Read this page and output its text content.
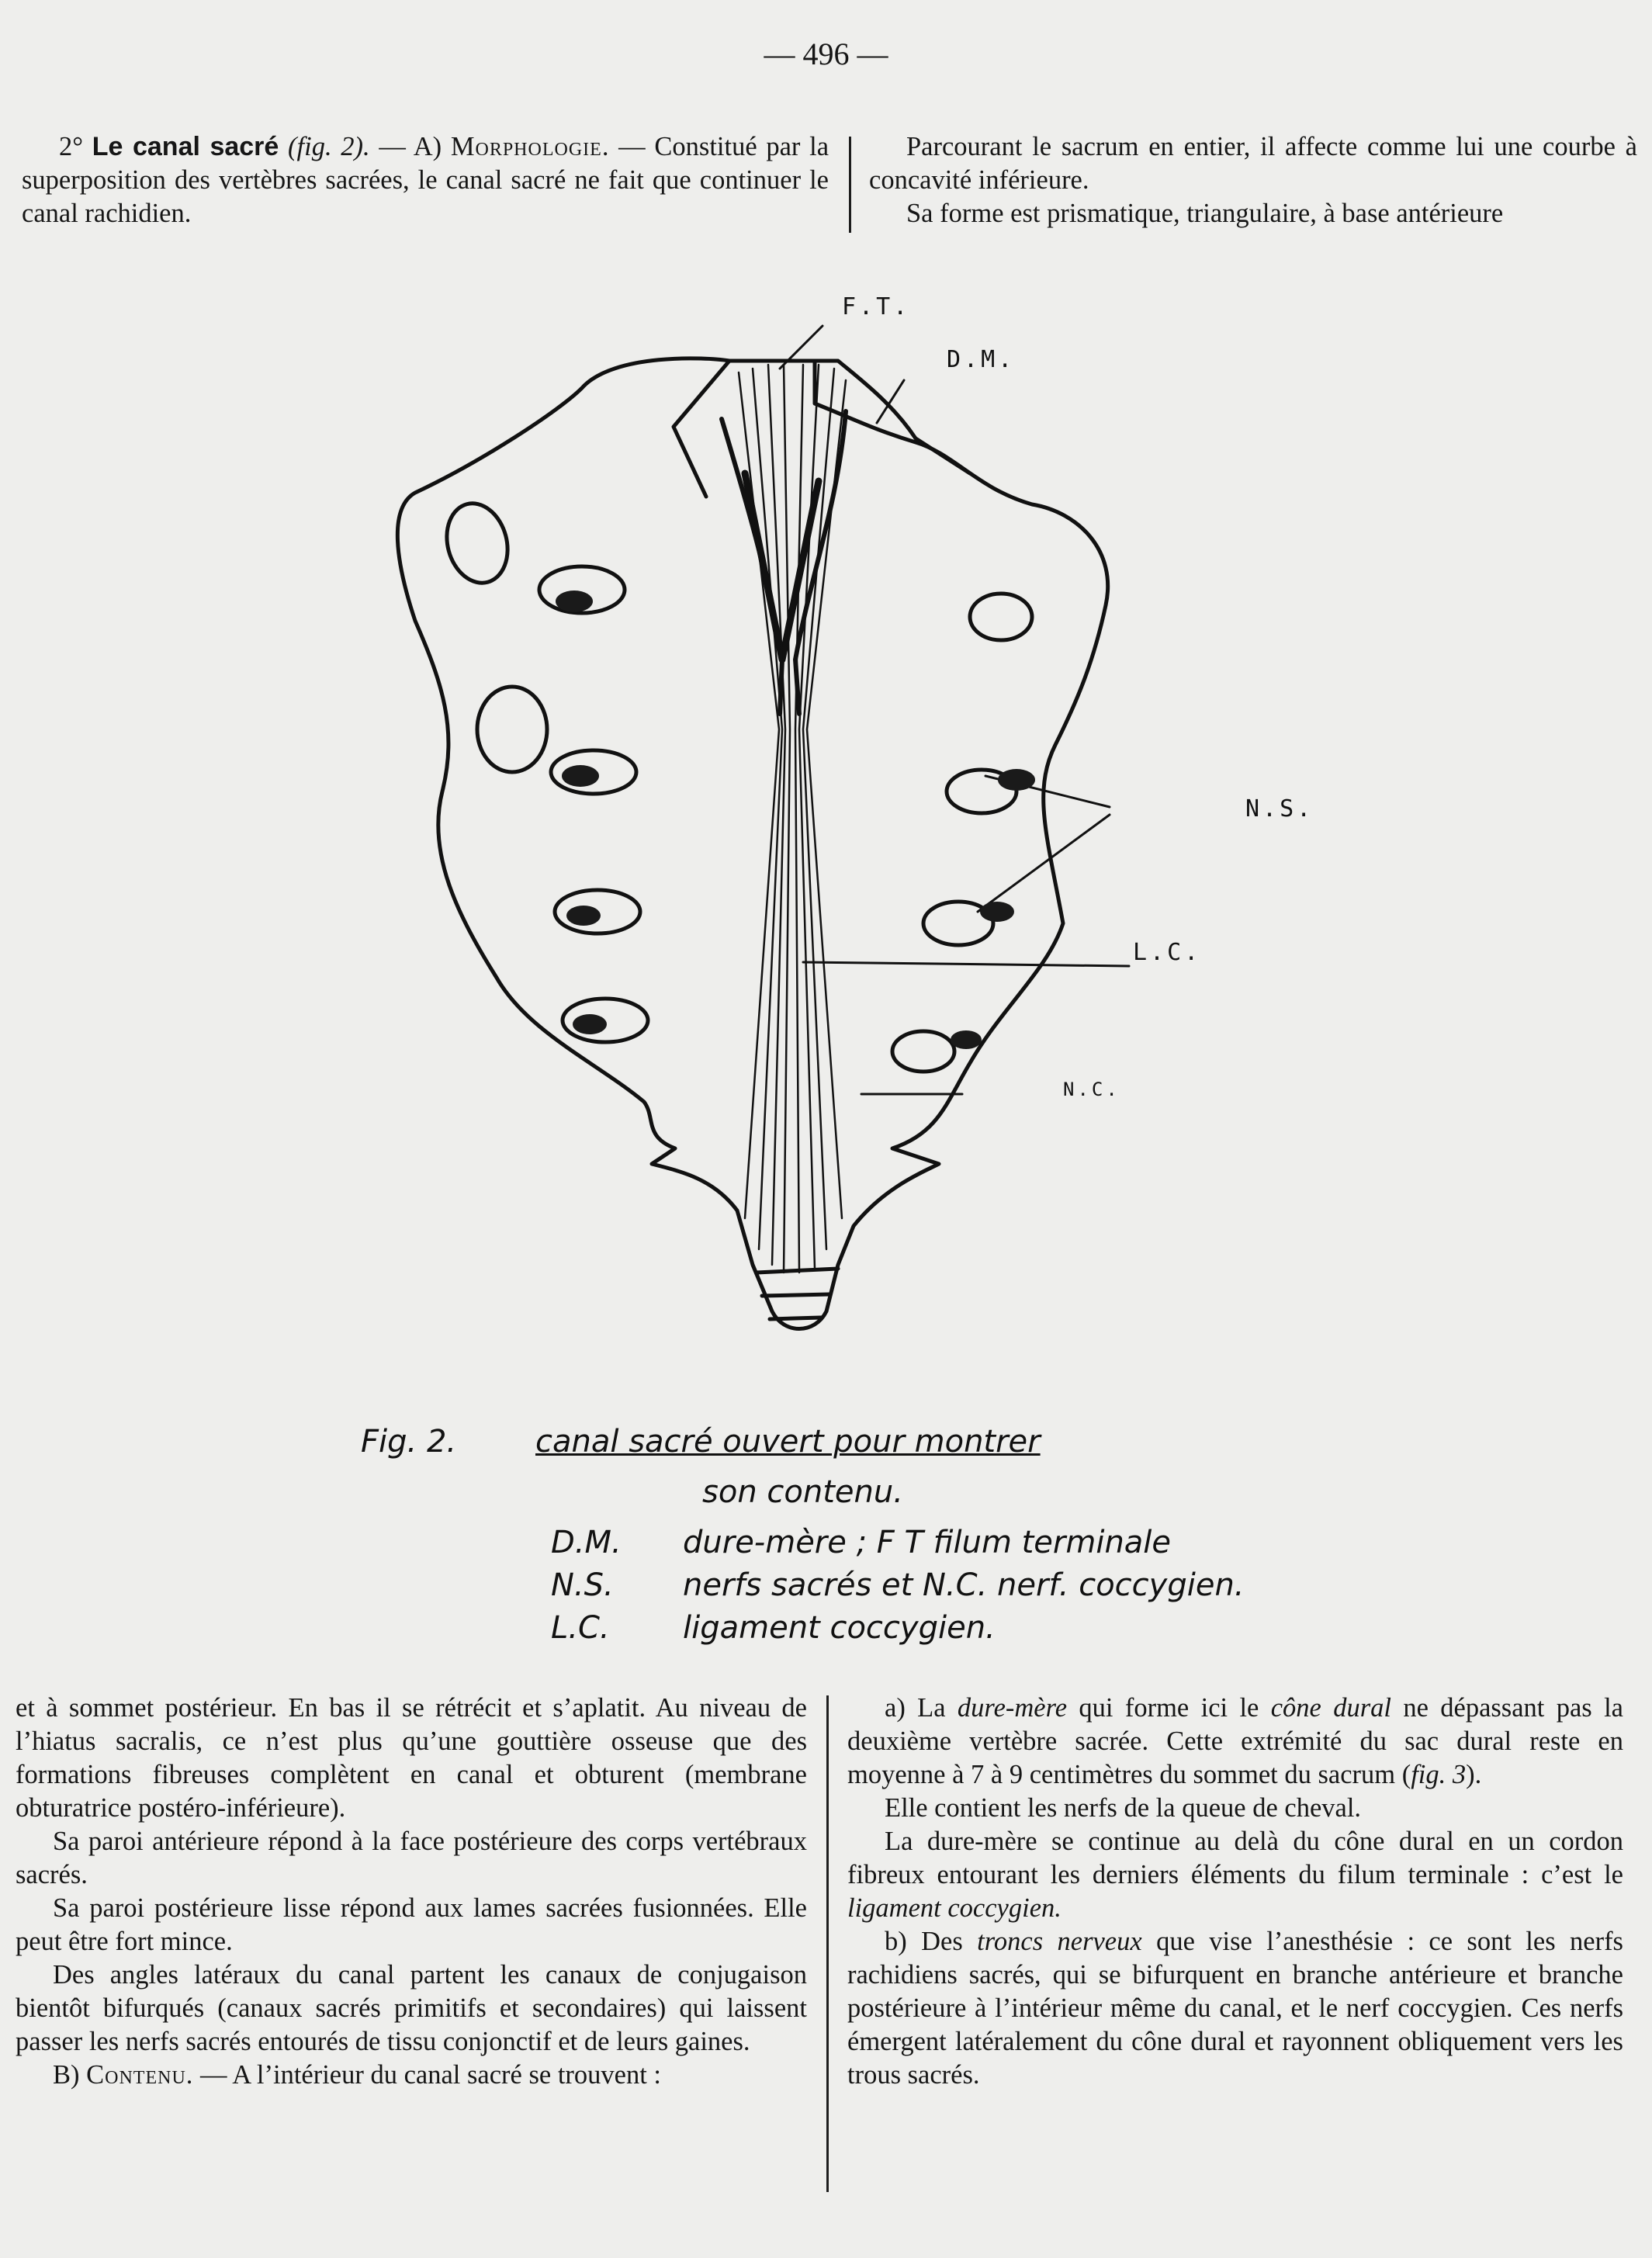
— 496 —

2° Le canal sacré (fig. 2). — A) Morphologie. — Constitué par la superposition des vertèbres sacrées, le canal sacré ne fait que continuer le canal rachidien.

Parcourant le sacrum en entier, il affecte comme lui une courbe à concavité inférieure.

Sa forme est prismatique, triangulaire, à base antérieure

F.T.
D.M.
N.S.
L.C.
N.C.
Fig. 2.	canal sacré ouvert pour montrer
son contenu.
D.M. dure-mère ; F T filum terminale
N.S. nerfs sacrés et N.C. nerf. coccygien.
L.C. ligament coccygien.

et à sommet postérieur. En bas il se rétrécit et s’aplatit. Au niveau de l’hiatus sacralis, ce n’est plus qu’une gouttière osseuse que des formations fibreuses complètent en canal et obturent (membrane obturatrice postéro-inférieure).

Sa paroi antérieure répond à la face postérieure des corps vertébraux sacrés.

Sa paroi postérieure lisse répond aux lames sacrées fusionnées. Elle peut être fort mince.

Des angles latéraux du canal partent les canaux de conjugaison bientôt bifurqués (canaux sacrés primitifs et secondaires) qui laissent passer les nerfs sacrés entourés de tissu conjonctif et de leurs gaines.

B) Contenu. — A l’intérieur du canal sacré se trouvent :

a) La dure-mère qui forme ici le cône dural ne dépassant pas la deuxième vertèbre sacrée. Cette extrémité du sac dural reste en moyenne à 7 à 9 centimètres du sommet du sacrum (fig. 3).

Elle contient les nerfs de la queue de cheval.

La dure-mère se continue au delà du cône dural en un cordon fibreux entourant les derniers éléments du filum terminale : c’est le ligament coccygien.

b) Des troncs nerveux que vise l’anesthésie : ce sont les nerfs rachidiens sacrés, qui se bifurquent en branche antérieure et branche postérieure à l’intérieur même du canal, et le nerf coccygien. Ces nerfs émergent latéralement du cône dural et rayonnent obliquement vers les trous sacrés.
